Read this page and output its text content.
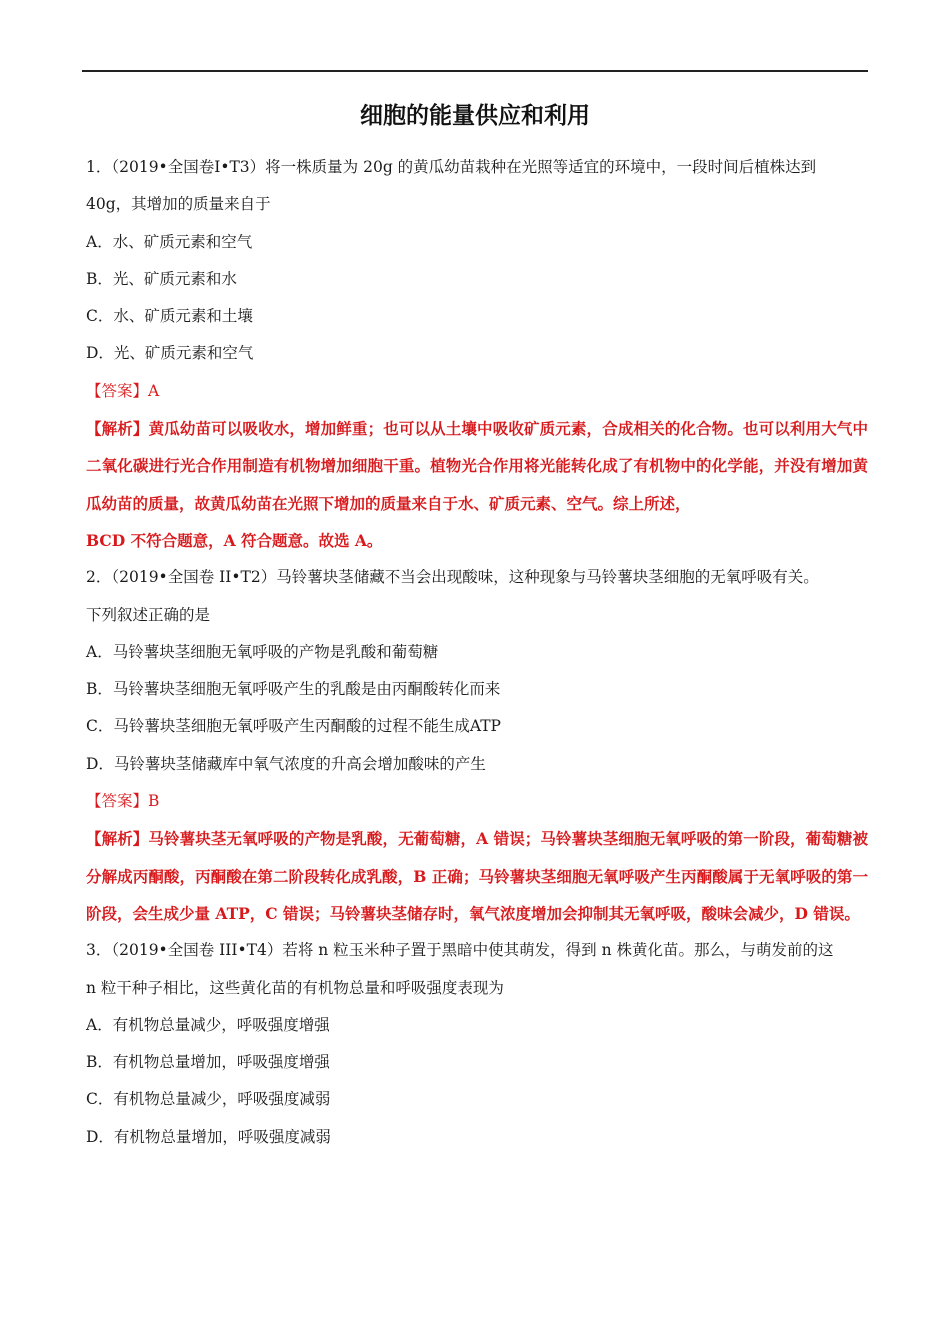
细胞的能量供应和利用
1．（2019•全国卷Ⅰ•T3）将一株质量为 20g 的黄瓜幼苗栽种在光照等适宜的环境中，一段时间后植株达到
40g，其增加的质量来自于
A．水、矿质元素和空气
B．光、矿质元素和水
C．水、矿质元素和土壤
D．光、矿质元素和空气
【答案】A
【解析】黄瓜幼苗可以吸收水，增加鲜重；也可以从土壤中吸收矿质元素，合成相关的化合物。也可以利用大气中二氧化碳进行光合作用制造有机物增加细胞干重。植物光合作用将光能转化成了有机物中的化学能，并没有增加黄瓜幼苗的质量，故黄瓜幼苗在光照下增加的质量来自于水、矿质元素、空气。综上所述，
BCD 不符合题意，A 符合题意。故选 A。
2．（2019•全国卷 II•T2）马铃薯块茎储藏不当会出现酸味，这种现象与马铃薯块茎细胞的无氧呼吸有关。
下列叙述正确的是
A．马铃薯块茎细胞无氧呼吸的产物是乳酸和葡萄糖
B．马铃薯块茎细胞无氧呼吸产生的乳酸是由丙酮酸转化而来
C．马铃薯块茎细胞无氧呼吸产生丙酮酸的过程不能生成ATP
D．马铃薯块茎储藏库中氧气浓度的升高会增加酸味的产生
【答案】B
【解析】马铃薯块茎无氧呼吸的产物是乳酸，无葡萄糖，A 错误；马铃薯块茎细胞无氧呼吸的第一阶段，葡萄糖被分解成丙酮酸，丙酮酸在第二阶段转化成乳酸，B 正确；马铃薯块茎细胞无氧呼吸产生丙酮酸属于无氧呼吸的第一阶段，会生成少量 ATP，C 错误；马铃薯块茎储存时，氧气浓度增加会抑制其无氧呼吸，酸味会减少，D 错误。
3．（2019•全国卷 III•T4）若将 n 粒玉米种子置于黑暗中使其萌发，得到 n 株黄化苗。那么，与萌发前的这
n 粒干种子相比，这些黄化苗的有机物总量和呼吸强度表现为
A．有机物总量减少，呼吸强度增强
B．有机物总量增加，呼吸强度增强
C．有机物总量减少，呼吸强度减弱
D．有机物总量增加，呼吸强度减弱
